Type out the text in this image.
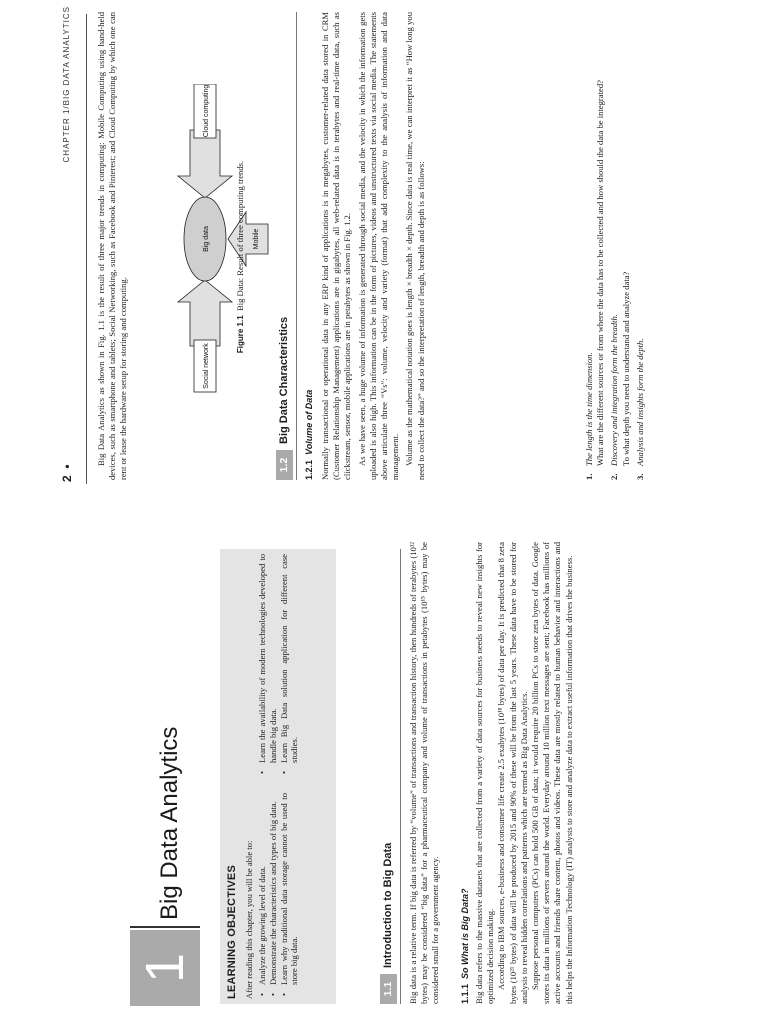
1
Big Data Analytics
LEARNING OBJECTIVES After reading this chapter, you will be able to: • Analyze the growing level of data. • Demonstrate the characteristics and types of big data. • Learn why traditional data storage cannot be used to store big data.
• Learn the availability of modern technologies developed to handle big data. • Learn Big Data solution application for different case studies.
1.1
Introduction to Big Data	Big data is a relative term. If big data is referred by “volume” of transactions and transaction history, then hundreds of terabytes (10¹² bytes) may be considered “big data” for a pharmaceutical company and volume of transactions in petabytes (10¹⁵ bytes) may be considered small for a government agency. 1.1.1  So What is Big Data? Big data refers to the massive datasets that are collected from a variety of data sources for business needs to reveal new insights for optimized decision making. According to IBM sources, e-business and consumer life create 2.5 exabytes (10¹⁸ bytes) of data per day. It is predicted that 8 zeta bytes (10²¹ bytes) of data will be produced by 2015 and 90% of these will be from the last 5 years. These data have to be stored for analysis to reveal hidden correlations and patterns which are termed as Big Data Analytics. Suppose personal computers (PCs) can hold 500 GB of data; it would require 20 billion PCs to store zeta bytes of data. Google stores its data in millions of servers around the world. Everyday around 10 million text messages are sent; Facebook has millions of active accounts and friends share content, photos and videos. These data are mostly related to human behavior and interactions and this helps the Information Technology (IT) analysts to store and analyze data to extract useful information that drives the business.

2  •
CHAPTER 1/BIG DATA ANALYTICS	Big Data Analytics as shown in Fig. 1.1 is the result of three major trends in computing: Mobile Computing using hand-held devices, such as smartphone and tablets; Social Networking, such as Facebook and Pinterest; and Cloud Computing by which one can rent or lease the hardware setup for storing and computing.

Big data
Social network
Mobile
Cloud computing
Figure 1.1  Big Data: Result of three computing trends.
1.2
Big Data Characteristics
1.2.1  Volume of Data Normally transactional or operational data in any ERP kind of applications is in megabytes, customer-related data stored in CRM (Customer Relationship Management) applications are in gigabytes, all web-related data is in terabytes and real-time data, such as clickstream, sensor, mobile applications are in petabytes as shown in Fig. 1.2. As we have seen, a huge volume of information is generated through social media, and the velocity in which the information gets uploaded is also high. This information can be in the form of pictures, videos and unstructured texts via social media. The statements above articulate three “Vs”: volume, velocity and variety (format) that add complexity to the analysis of information and data management. Volume as the mathematical notation goes is length × breadth × depth. Since data is real time, we can interpret it as “How long you need to collect the data?” and so the interpretation of length, breadth and depth is as follows:	1.
The length is the time dimension. What are the different sources or from where the data has to be collected and how should the data be integrated?
2.
Discovery and integration form the breadth. To what depth you need to understand and analyze data?
3.
Analysis and insights form the depth.
